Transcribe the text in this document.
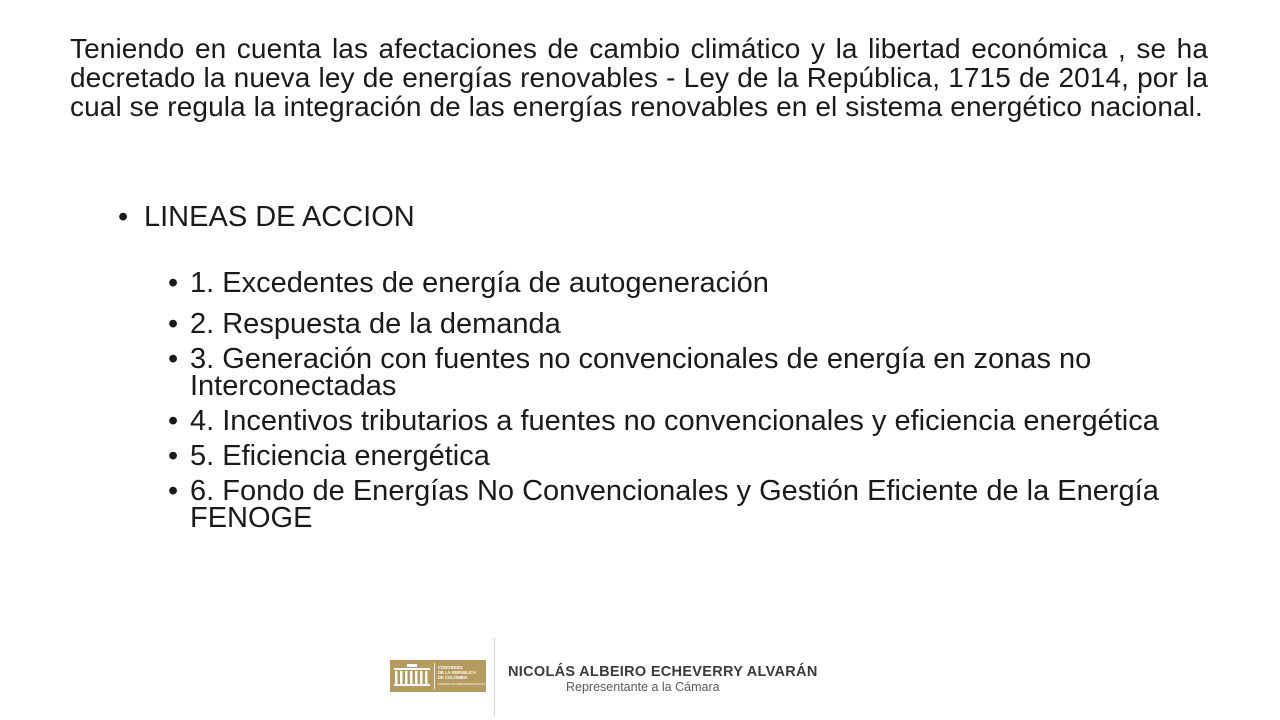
Teniendo en cuenta las afectaciones de cambio climático y la libertad económica , se ha decretado la nueva ley de energías renovables - Ley de la República, 1715 de 2014, por la cual se regula la integración de las energías renovables en el sistema energético nacional.

• LINEAS DE ACCION
• 1. Excedentes de energía de autogeneración
• 2. Respuesta de la demanda
• 3. Generación con fuentes no convencionales de energía en zonas no Interconectadas
• 4. Incentivos tributarios a fuentes no convencionales y eficiencia energética
• 5. Eficiencia energética
• 6. Fondo de Energías No Convencionales y Gestión Eficiente de la Energía FENOGE
CONGRESO
DE LA REPÚBLICA
DE COLOMBIA
CÁMARA DE REPRESENTANTES
NICOLÁS ALBEIRO ECHEVERRY ALVARÁN
Representante a la Cámara
